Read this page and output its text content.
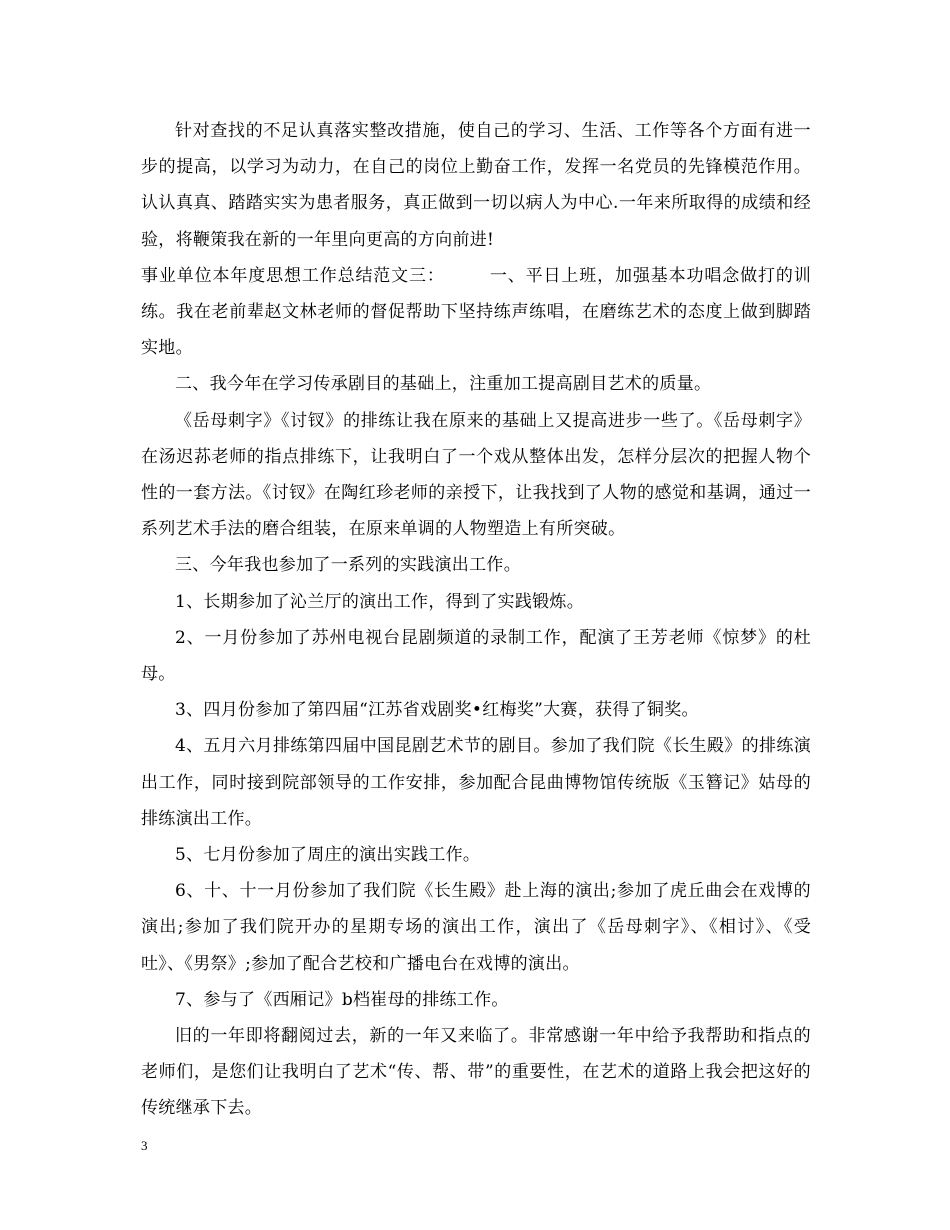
针对查找的不足认真落实整改措施，使自己的学习、生活、工作等各个方面有进一步的提高，以学习为动力，在自己的岗位上勤奋工作，发挥一名党员的先锋模范作用。认认真真、踏踏实实为患者服务，真正做到一切以病人为中心.一年来所取得的成绩和经验，将鞭策我在新的一年里向更高的方向前进!

事业单位本年度思想工作总结范文三：　　　一、平日上班，加强基本功唱念做打的训练。我在老前辈赵文林老师的督促帮助下坚持练声练唱，在磨练艺术的态度上做到脚踏实地。

二、我今年在学习传承剧目的基础上，注重加工提高剧目艺术的质量。

《岳母刺字》《讨钗》的排练让我在原来的基础上又提高进步一些了。《岳母刺字》在汤迟荪老师的指点排练下，让我明白了一个戏从整体出发，怎样分层次的把握人物个性的一套方法。《讨钗》在陶红珍老师的亲授下，让我找到了人物的感觉和基调，通过一系列艺术手法的磨合组装，在原来单调的人物塑造上有所突破。

三、今年我也参加了一系列的实践演出工作。

1、长期参加了沁兰厅的演出工作，得到了实践锻炼。

2、一月份参加了苏州电视台昆剧频道的录制工作，配演了王芳老师《惊梦》的杜母。

3、四月份参加了第四届“江苏省戏剧奖•红梅奖”大赛，获得了铜奖。

4、五月六月排练第四届中国昆剧艺术节的剧目。参加了我们院《长生殿》的排练演出工作，同时接到院部领导的工作安排，参加配合昆曲博物馆传统版《玉簪记》姑母的排练演出工作。

5、七月份参加了周庄的演出实践工作。

6、十、十一月份参加了我们院《长生殿》赴上海的演出;参加了虎丘曲会在戏博的演出;参加了我们院开办的星期专场的演出工作，演出了《岳母刺字》、《相讨》、《受吐》、《男祭》;参加了配合艺校和广播电台在戏博的演出。

7、参与了《西厢记》b档崔母的排练工作。

旧的一年即将翻阅过去，新的一年又来临了。非常感谢一年中给予我帮助和指点的老师们，是您们让我明白了艺术“传、帮、带”的重要性，在艺术的道路上我会把这好的传统继承下去。

3
